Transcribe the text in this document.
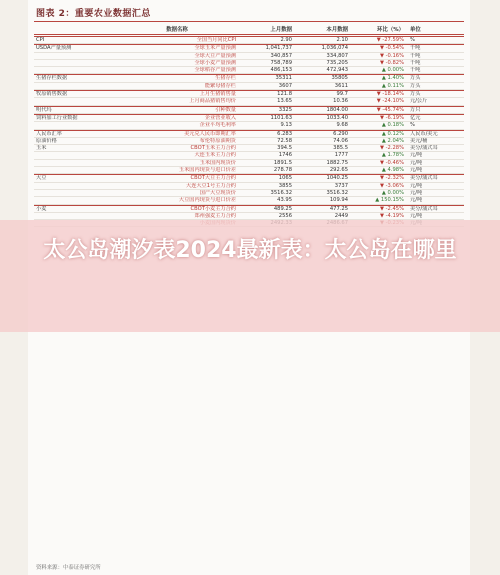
图表 2：重要农业数据汇总
数据名称	上月数据	本月数据	环比（%）	单位
CPI	全国当月同比CPI	2.90	2.10	▼ -27.59%	%
USDA产量预测	全球玉米产量预测	1,041,737	1,036,074	▼ -0.54%	千吨
全球大豆产量预测	340,857	334,807	▼ -0.16%	千吨
全球小麦产量预测	758,789	735,205	▼ -0.82%	千吨
全球稻谷产量预测	486,153	472,943	▲ 0.00%	千吨
生猪存栏数据	生猪存栏	35311	35805	▲ 1.40%	万头
能繁母猪存栏	3607	3611	▲ 0.11%	万头
牧原销售数据	上月生猪销售量	121.8	99.7	▼ -18.14%	万头
上月商品猪销售均价	13.65	10.36	▼ -24.10%	元/公斤
明代玛	引种数量	3325	1804.00	▼ -45.74%	万只
饲料加工行业数据	企业营业收入	1101.63	1033.40	▼ -6.19%	亿元
企业平均毛利率	9.13	9.68	▲ 0.18%	%
人民币汇率	美元兑人民币即期汇率	6.283	6.290	▲ 0.12%	人民币/美元
原油价格	布伦特原油期货	72.58	74.06	▲ 2.04%	美元/桶
玉米	CBOT玉米主力合约	394.5	385.5	▼ -2.28%	美分/蒲式耳
大连玉米主力合约	1746	1777	▲ 1.78%	元/吨
玉米国内现货价	1891.5	1882.75	▼ -0.46%	元/吨
玉米国内现货与进口价差	278.78	292.65	▲ 4.98%	元/吨
大豆	CBOT大豆主力合约	1065	1040.25	▼ -2.32%	美分/蒲式耳
大连大豆1号主力合约	3855	3737	▼ -3.06%	元/吨
国产大豆现货价	3516.32	3516.32	▲ 0.00%	元/吨
大豆国内现货与进口价差	43.95	109.94	▲ 150.15%	元/吨
小麦	CBOT小麦主力合约	489.25	477.25	▼ -2.45%	美分/蒲式耳
郑州强麦主力合约	2556	2449	▼ -4.19%	元/吨
资料来源：中泰证券研究所
太公岛潮汐表2024最新表：太公岛在哪里
